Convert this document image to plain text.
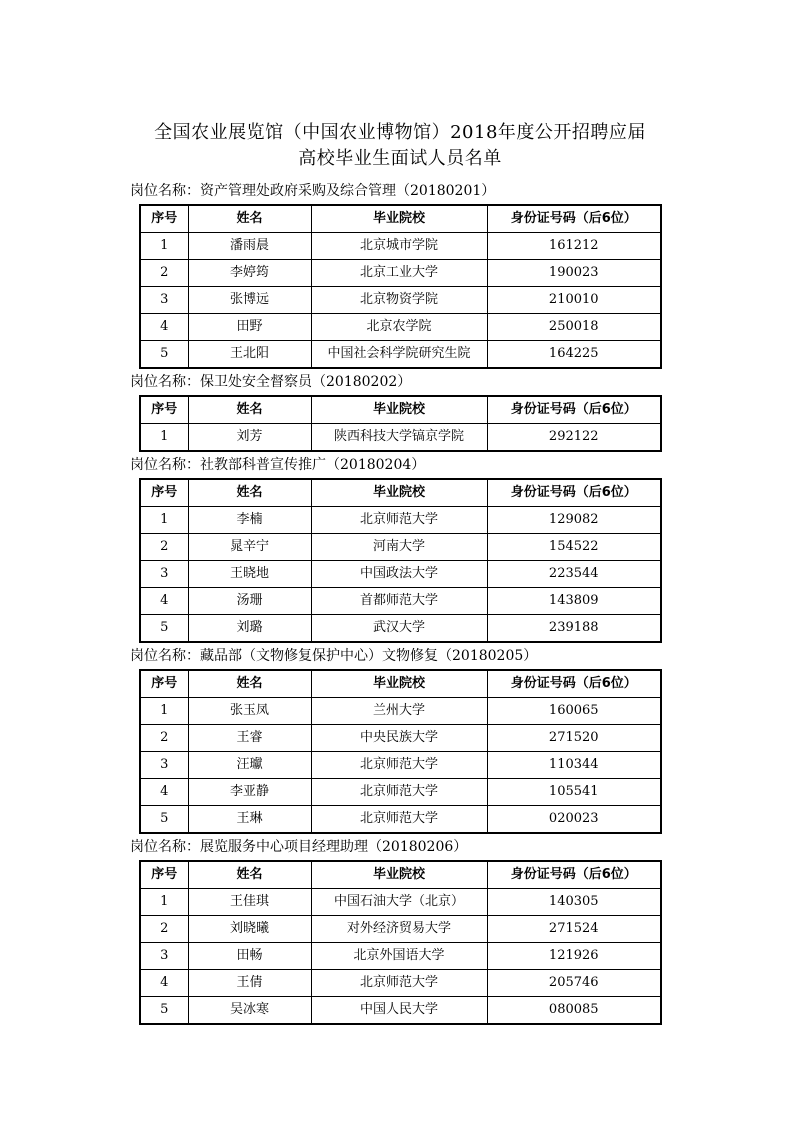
全国农业展览馆（中国农业博物馆）2018年度公开招聘应届
高校毕业生面试人员名单
岗位名称：资产管理处政府采购及综合管理（20180201）
序号	姓名	毕业院校	身份证号码（后6位）
1	潘雨晨	北京城市学院	161212
2	李婷筠	北京工业大学	190023
3	张博远	北京物资学院	210010
4	田野	北京农学院	250018
5	王北阳	中国社会科学院研究生院	164225
岗位名称：保卫处安全督察员（20180202）
序号	姓名	毕业院校	身份证号码（后6位）
1	刘芳	陕西科技大学镐京学院	292122
岗位名称：社教部科普宣传推广（20180204）
序号	姓名	毕业院校	身份证号码（后6位）
1	李楠	北京师范大学	129082
2	晁辛宁	河南大学	154522
3	王晓地	中国政法大学	223544
4	汤珊	首都师范大学	143809
5	刘璐	武汉大学	239188
岗位名称：藏品部（文物修复保护中心）文物修复（20180205）
序号	姓名	毕业院校	身份证号码（后6位）
1	张玉凤	兰州大学	160065
2	王睿	中央民族大学	271520
3	汪瓛	北京师范大学	110344
4	李亚静	北京师范大学	105541
5	王琳	北京师范大学	020023
岗位名称：展览服务中心项目经理助理（20180206）
序号	姓名	毕业院校	身份证号码（后6位）
1	王佳琪	中国石油大学（北京）	140305
2	刘晓曦	对外经济贸易大学	271524
3	田畅	北京外国语大学	121926
4	王倩	北京师范大学	205746
5	吴冰寒	中国人民大学	080085
